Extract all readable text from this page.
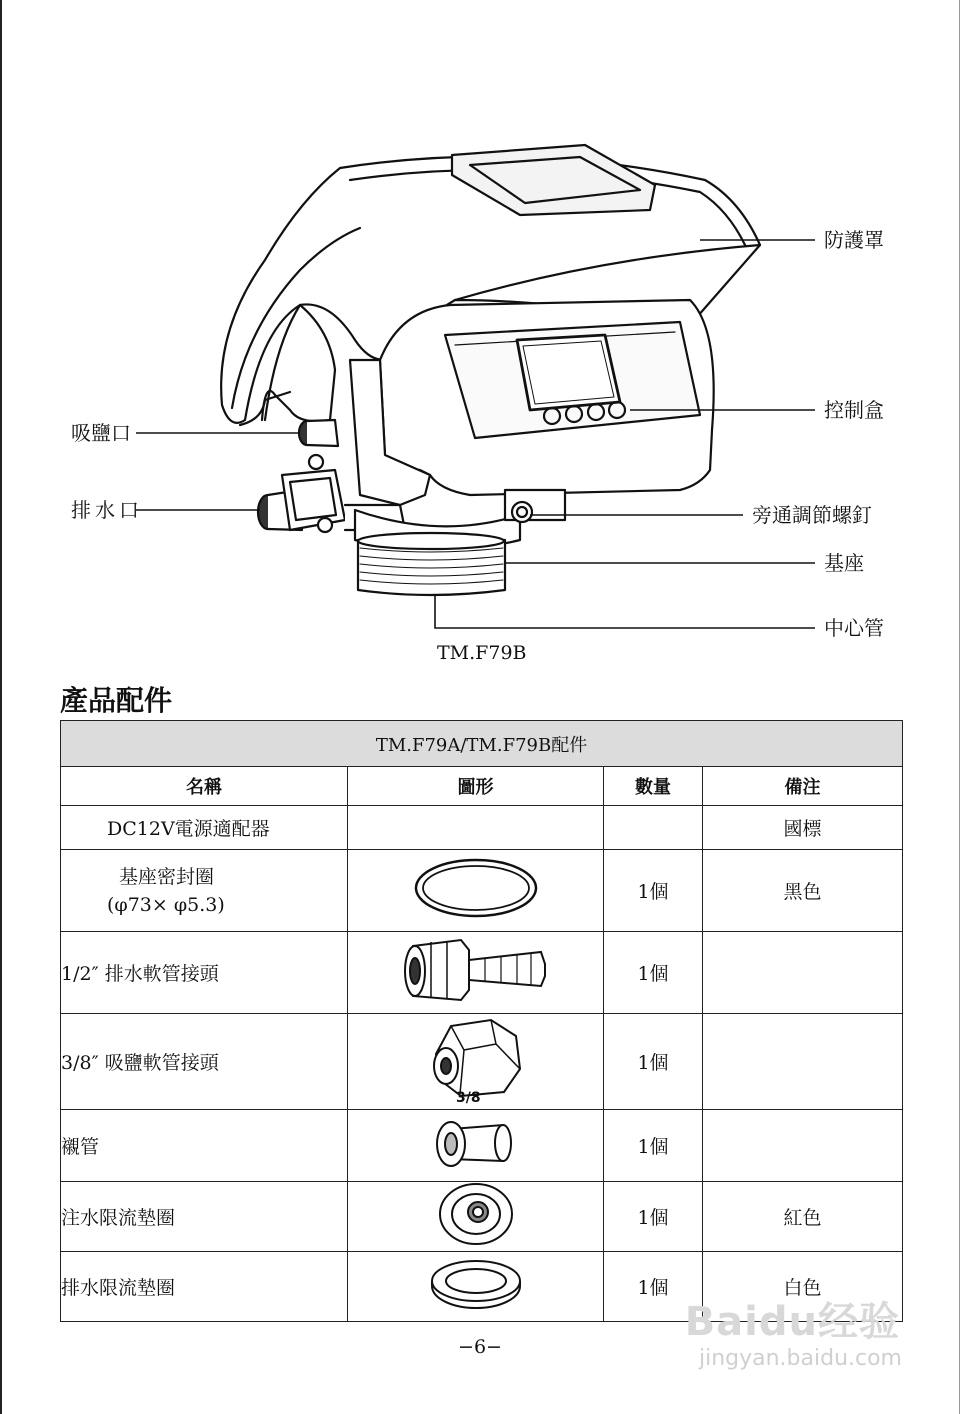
防護罩
控制盒
吸鹽口
排水口	旁通調節螺釘
基座
中心管
TM.F79B
產品配件
TM.F79A/TM.F79B配件			
名稱	圖形	數量	備注
DC12V電源適配器			國標

基座密封圈
(φ73× φ5.3)		1個	黑色
1/2″ 排水軟管接頭		1個	
3/8″ 吸鹽軟管接頭	3/8	1個	
襯管		1個	
注水限流墊圈		1個	紅色
排水限流墊圈		1個	白色
−6−
Baidu经验
jingyan.baidu.com
